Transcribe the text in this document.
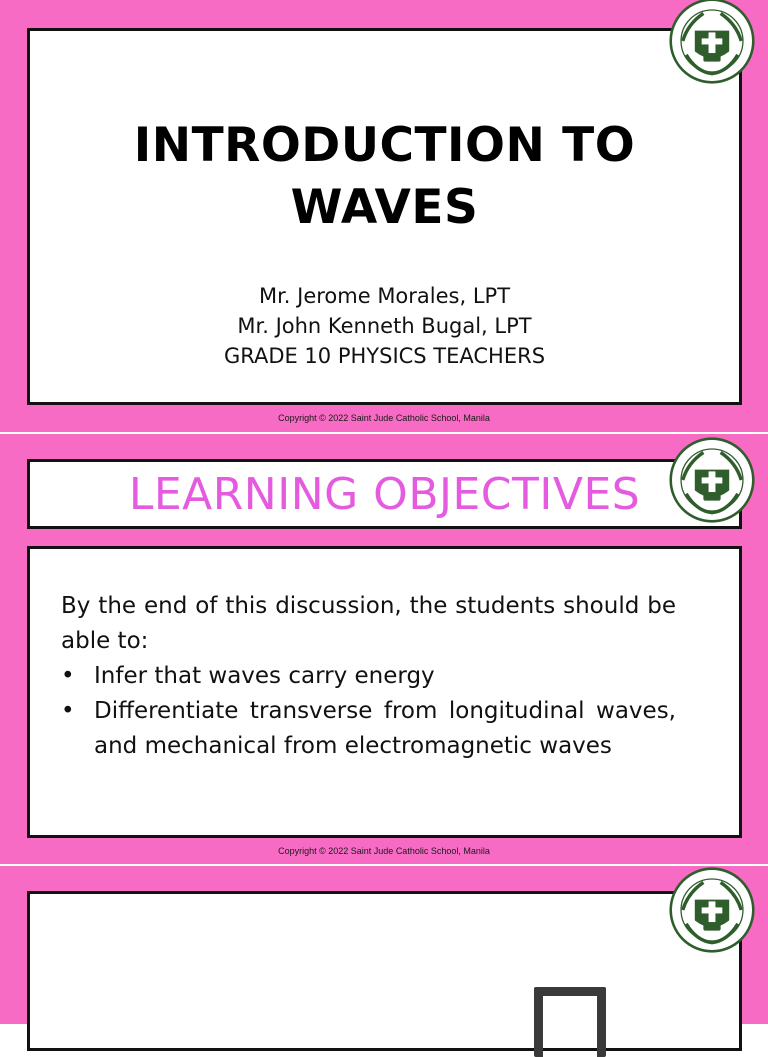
INTRODUCTION TO
WAVES
Mr. Jerome Morales, LPT
Mr. John Kenneth Bugal, LPT
GRADE 10 PHYSICS TEACHERS
Copyright © 2022 Saint Jude Catholic School, Manila
LEARNING OBJECTIVES
By the end of this discussion, the students should be able to:
• Infer that waves carry energy
• Differentiate transverse from longitudinal waves, and mechanical from electromagnetic waves
Copyright © 2022 Saint Jude Catholic School, Manila
